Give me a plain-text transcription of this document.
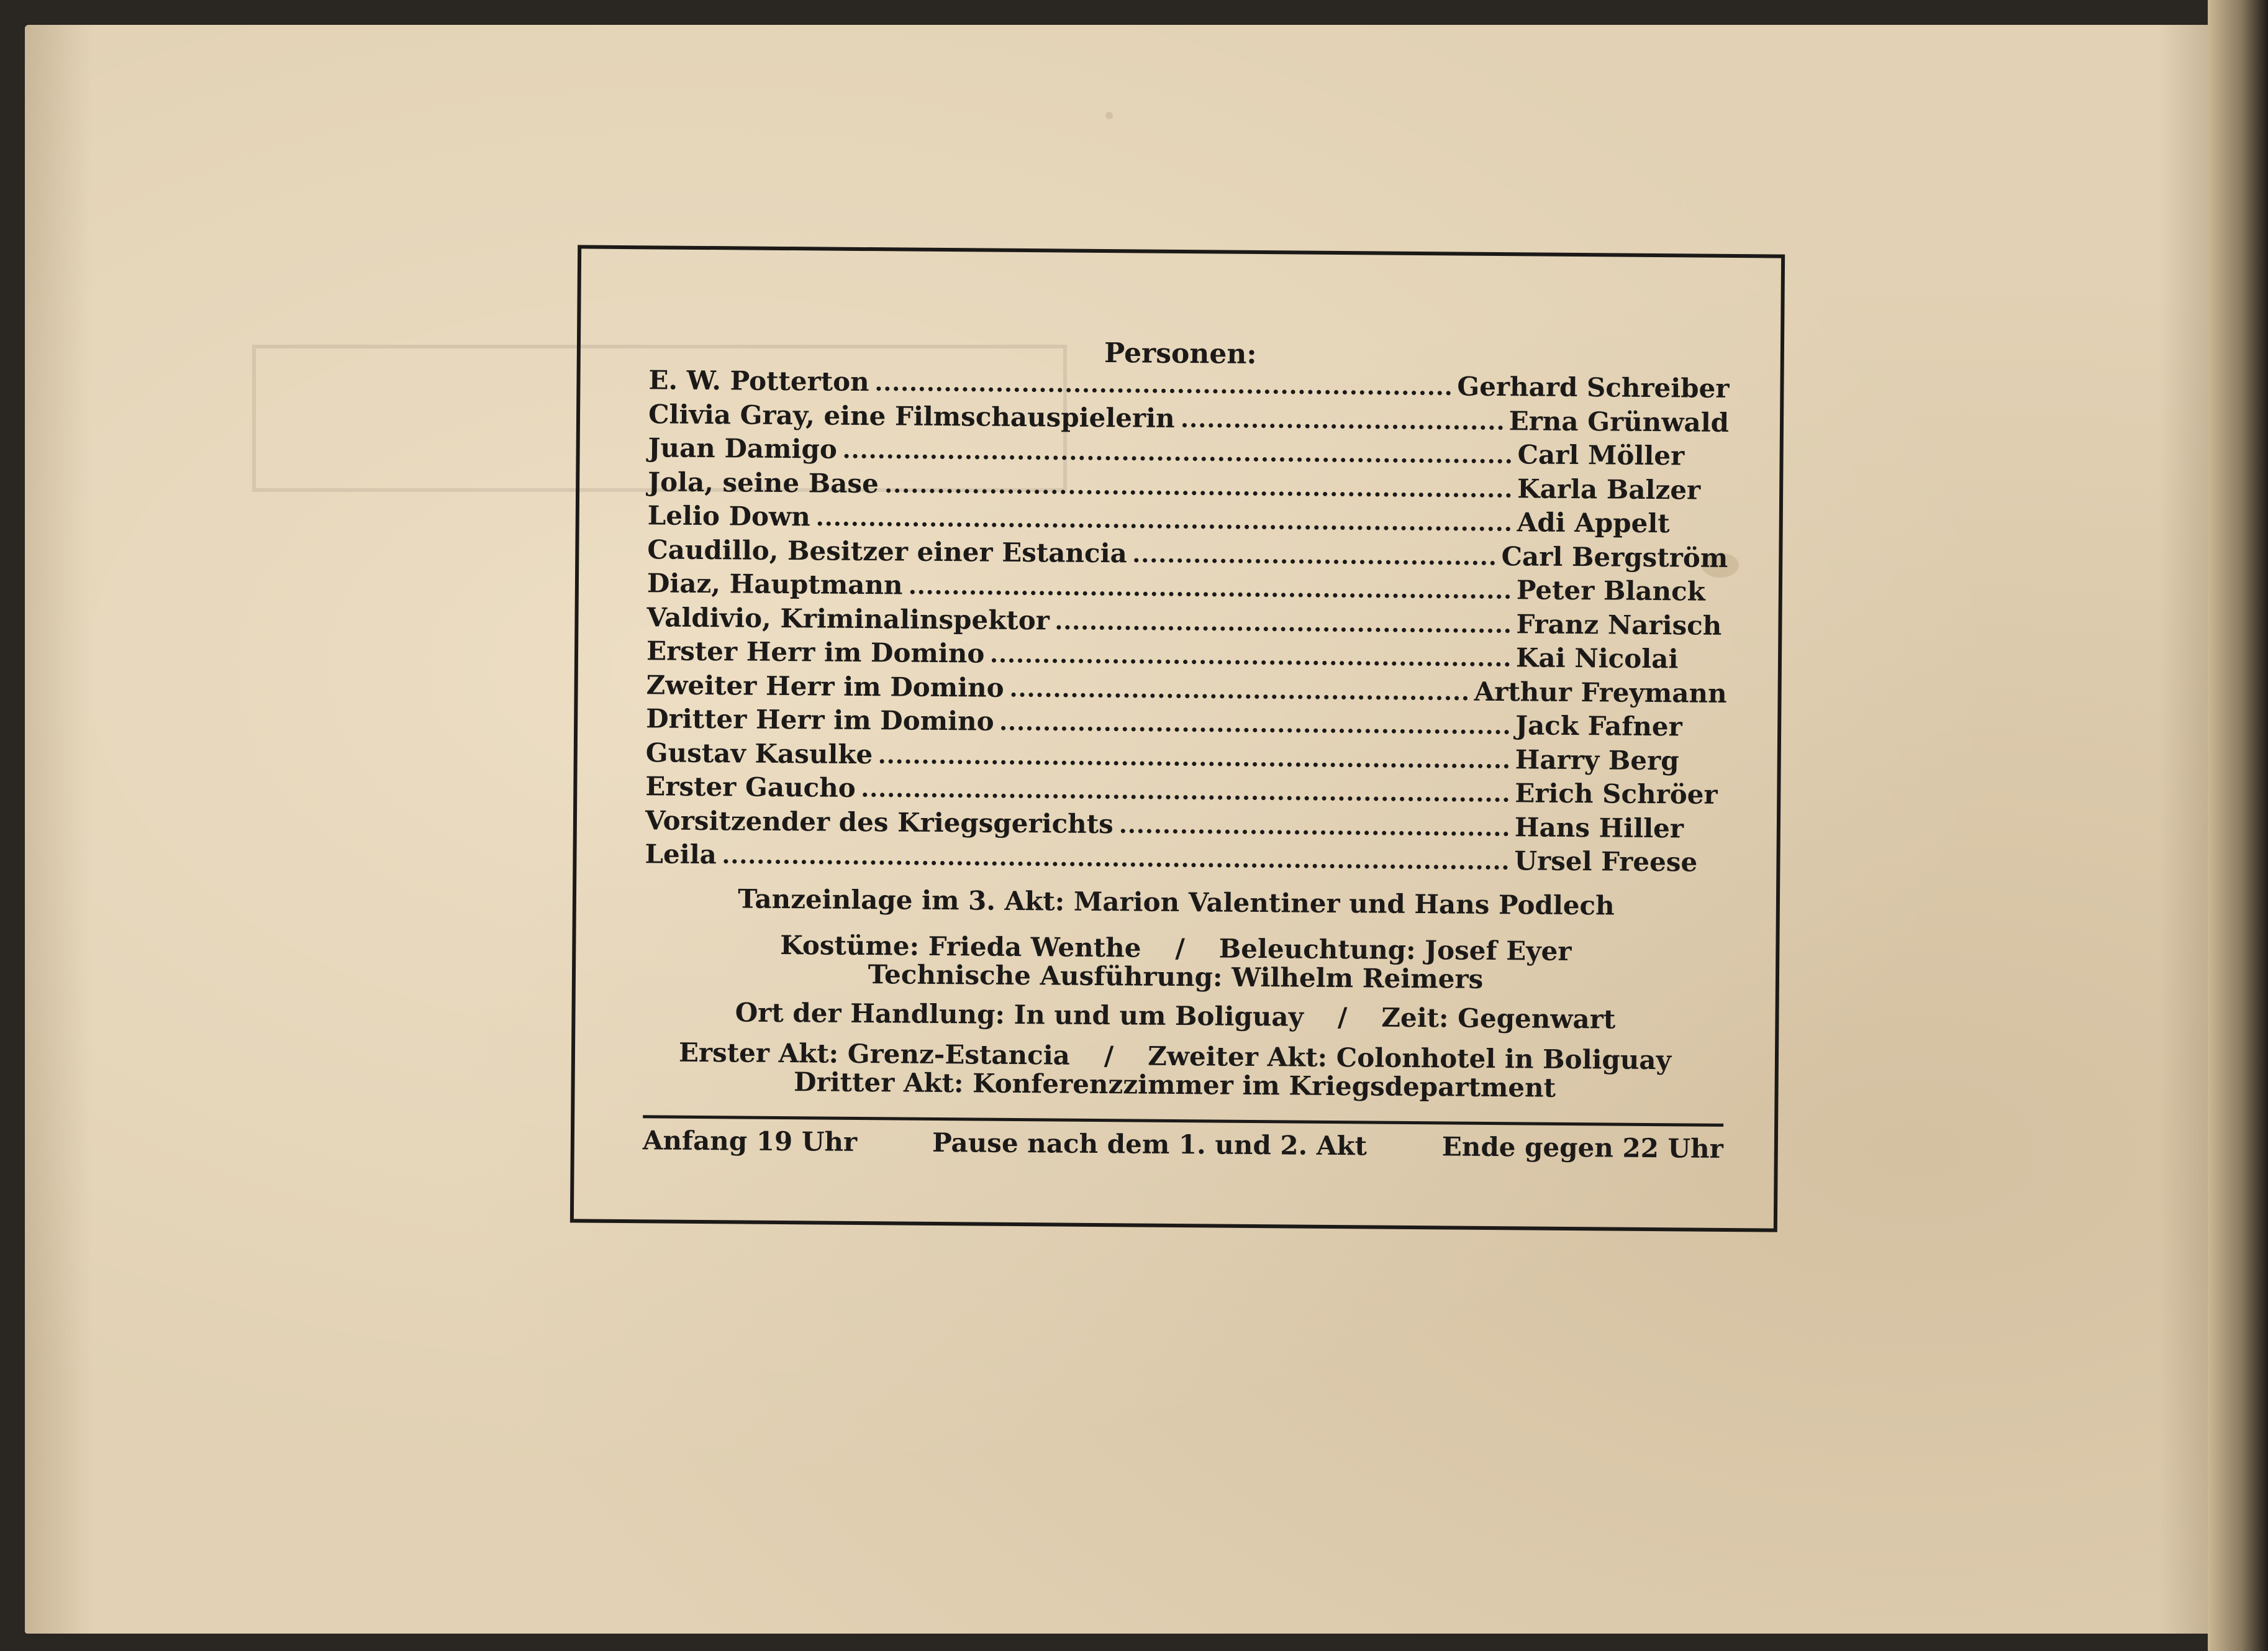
Personen:
E. W. Potterton	Gerhard Schreiber
Clivia Gray, eine Filmschauspielerin	Erna Grünwald
Juan Damigo	Carl Möller
Jola, seine Base	Karla Balzer
Lelio Down	Adi Appelt
Caudillo, Besitzer einer Estancia	Carl Bergström
Diaz, Hauptmann	Peter Blanck
Valdivio, Kriminalinspektor	Franz Narisch
Erster Herr im Domino	Kai Nicolai
Zweiter Herr im Domino	Arthur Freymann
Dritter Herr im Domino	Jack Fafner
Gustav Kasulke	Harry Berg
Erster Gaucho	Erich Schröer
Vorsitzender des Kriegsgerichts	Hans Hiller
Leila	Ursel Freese
Tanzeinlage im 3. Akt: Marion Valentiner und Hans Podlech
Kostüme: Frieda Wenthe / Beleuchtung: Josef Eyer
Technische Ausführung: Wilhelm Reimers
Ort der Handlung: In und um Boliguay / Zeit: Gegenwart
Erster Akt: Grenz-Estancia / Zweiter Akt: Colonhotel in Boliguay
Dritter Akt: Konferenzzimmer im Kriegsdepartment
Anfang 19 Uhr	Pause nach dem 1. und 2. Akt	Ende gegen 22 Uhr
